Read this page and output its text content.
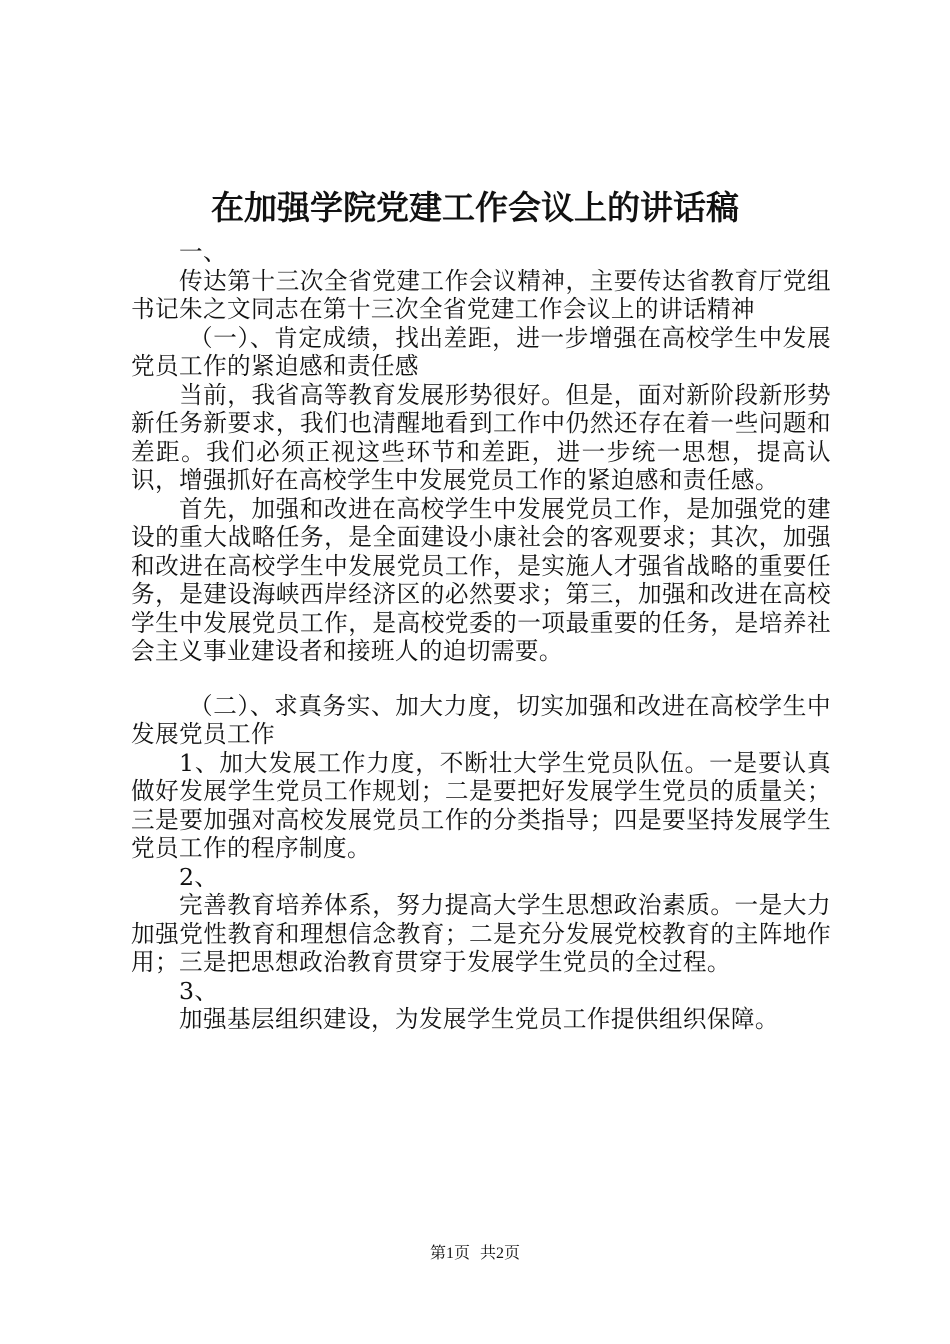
在加强学院党建工作会议上的讲话稿

一、

传达第十三次全省党建工作会议精神，主要传达省教育厅党组书记朱之文同志在第十三次全省党建工作会议上的讲话精神

（一）、肯定成绩，找出差距，进一步增强在高校学生中发展党员工作的紧迫感和责任感

当前，我省高等教育发展形势很好。但是，面对新阶段新形势新任务新要求，我们也清醒地看到工作中仍然还存在着一些问题和差距。我们必须正视这些环节和差距，进一步统一思想，提高认识，增强抓好在高校学生中发展党员工作的紧迫感和责任感。

首先，加强和改进在高校学生中发展党员工作，是加强党的建设的重大战略任务，是全面建设小康社会的客观要求；其次，加强和改进在高校学生中发展党员工作，是实施人才强省战略的重要任务，是建设海峡西岸经济区的必然要求；第三，加强和改进在高校学生中发展党员工作，是高校党委的一项最重要的任务，是培养社会主义事业建设者和接班人的迫切需要。

（二）、求真务实、加大力度，切实加强和改进在高校学生中发展党员工作

1、加大发展工作力度，不断壮大学生党员队伍。一是要认真做好发展学生党员工作规划；二是要把好发展学生党员的质量关；三是要加强对高校发展党员工作的分类指导；四是要坚持发展学生党员工作的程序制度。

2、

完善教育培养体系，努力提高大学生思想政治素质。一是大力加强党性教育和理想信念教育；二是充分发展党校教育的主阵地作用；三是把思想政治教育贯穿于发展学生党员的全过程。

3、

加强基层组织建设，为发展学生党员工作提供组织保障。

第1页 共2页
